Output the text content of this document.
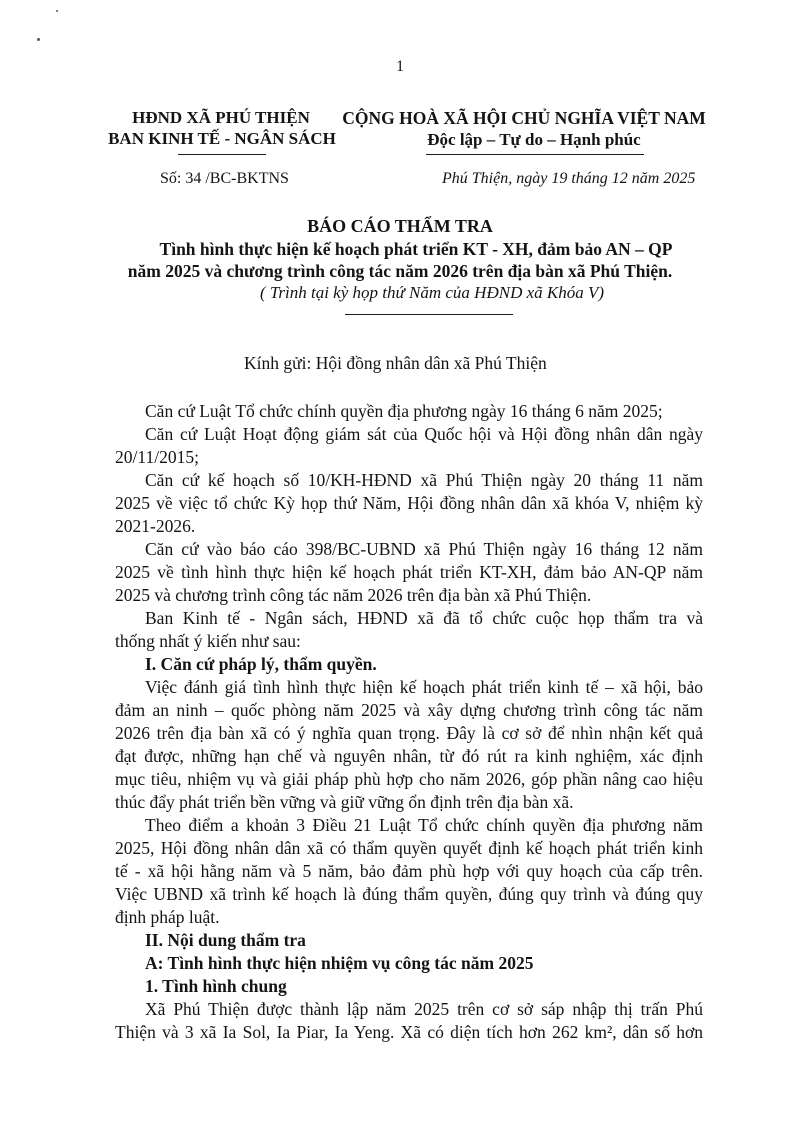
1
HĐND XÃ PHÚ THIỆN
BAN KINH TẾ - NGÂN SÁCH
CỘNG HOÀ XÃ HỘI CHỦ NGHĨA VIỆT NAM
Độc lập – Tự do – Hạnh phúc
Số: 34 /BC-BKTNS	Phú Thiện, ngày 19 tháng 12 năm 2025
BÁO CÁO THẨM TRA
Tình hình thực hiện kế hoạch phát triển KT - XH, đảm bảo AN – QP
năm 2025 và chương trình công tác năm 2026 trên địa bàn xã Phú Thiện.
( Trình tại kỳ họp thứ Năm của HĐND xã Khóa V)
Kính gửi: Hội đồng nhân dân xã Phú Thiện
Căn cứ Luật Tổ chức chính quyền địa phương ngày 16 tháng 6 năm 2025;
Căn cứ Luật Hoạt động giám sát của Quốc hội và Hội đồng nhân dân ngày
20/11/2015;
Căn cứ kế hoạch số 10/KH-HĐND xã Phú Thiện ngày 20 tháng 11 năm
2025 về việc tổ chức Kỳ họp thứ Năm, Hội đồng nhân dân xã khóa V, nhiệm kỳ
2021-2026.
Căn cứ vào báo cáo 398/BC-UBND xã Phú Thiện ngày 16 tháng 12 năm
2025 về tình hình thực hiện kế hoạch phát triển KT-XH, đảm bảo AN-QP năm
2025 và chương trình công tác năm 2026 trên địa bàn xã Phú Thiện.
Ban Kinh tế - Ngân sách, HĐND xã đã tổ chức cuộc họp thẩm tra và
thống nhất ý kiến như sau:
I. Căn cứ pháp lý, thẩm quyền.
Việc đánh giá tình hình thực hiện kế hoạch phát triển kinh tế – xã hội, bảo
đảm an ninh – quốc phòng năm 2025 và xây dựng chương trình công tác năm
2026 trên địa bàn xã có ý nghĩa quan trọng. Đây là cơ sở để nhìn nhận kết quả
đạt được, những hạn chế và nguyên nhân, từ đó rút ra kinh nghiệm, xác định
mục tiêu, nhiệm vụ và giải pháp phù hợp cho năm 2026, góp phần nâng cao hiệu
thúc đẩy phát triển bền vững và giữ vững ổn định trên địa bàn xã.
Theo điểm a khoản 3 Điều 21 Luật Tổ chức chính quyền địa phương năm
2025, Hội đồng nhân dân xã có thẩm quyền quyết định kế hoạch phát triển kinh
tế - xã hội hằng năm và 5 năm, bảo đảm phù hợp với quy hoạch của cấp trên.
Việc UBND xã trình kế hoạch là đúng thẩm quyền, đúng quy trình và đúng quy
định pháp luật.
II. Nội dung thẩm tra
A: Tình hình thực hiện nhiệm vụ công tác năm 2025
1. Tình hình chung
Xã Phú Thiện được thành lập năm 2025 trên cơ sở sáp nhập thị trấn Phú
Thiện và 3 xã Ia Sol, Ia Piar, Ia Yeng. Xã có diện tích hơn 262 km², dân số hơn
